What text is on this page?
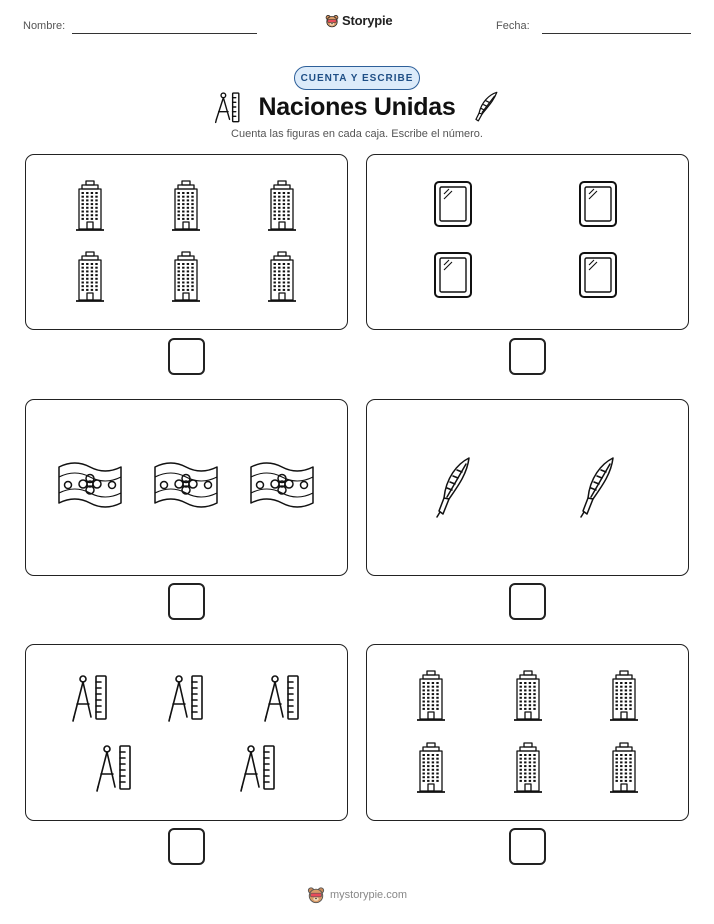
Nombre:	Storypie	Fecha:
CUENTA Y ESCRIBE
Naciones Unidas
Cuenta las figuras en cada caja. Escribe el número.
mystorypie.com
